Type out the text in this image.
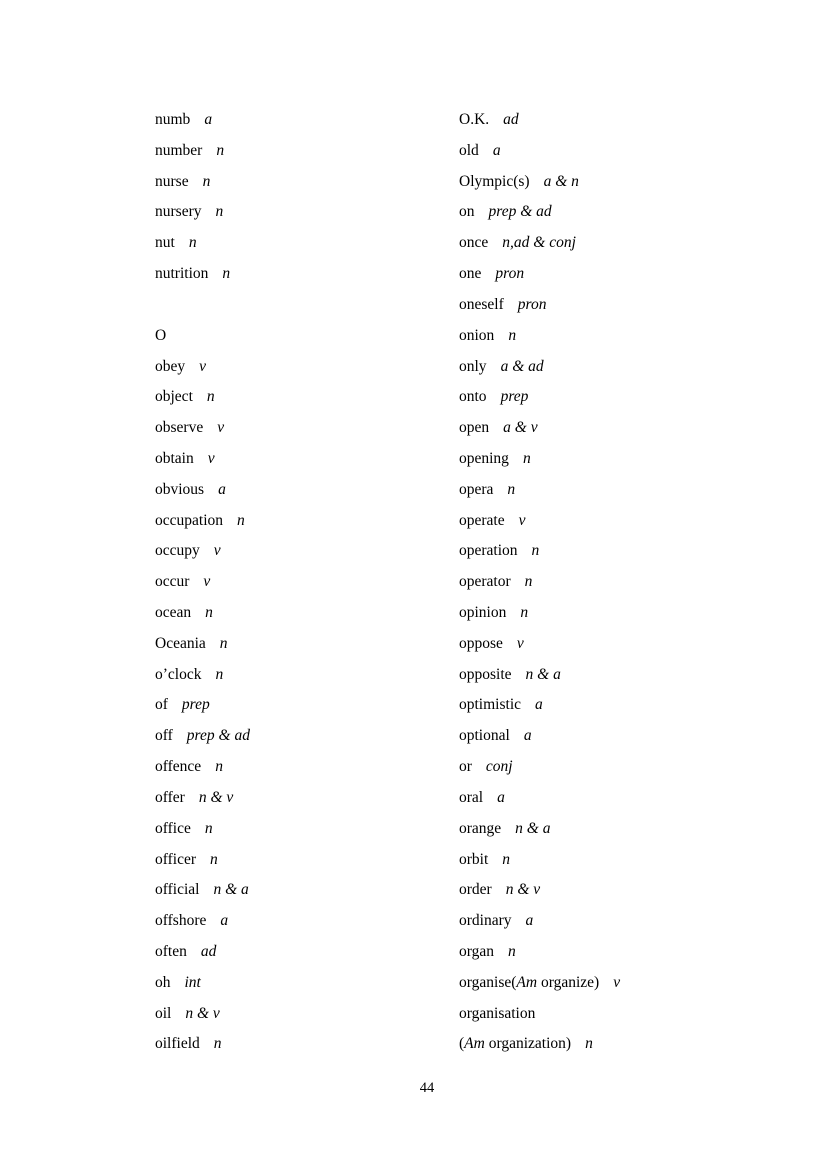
numb a
number n
nurse n
nursery n
nut n
nutrition n
O
obey v
object n
observe v
obtain v
obvious a
occupation n
occupy v
occur v
ocean n
Oceania n
o’clock n
of prep
off prep & ad
offence n
offer n & v
office n
officer n
official n & a
offshore a
often ad
oh int
oil n & v
oilfield n
O.K. ad
old a
Olympic(s) a & n
on prep & ad
once n,ad & conj
one pron
oneself pron
onion n
only a & ad
onto prep
open a & v
opening n
opera n
operate v
operation n
operator n
opinion n
oppose v
opposite n & a
optimistic a
optional a
or conj
oral a
orange n & a
orbit n
order n & v
ordinary a
organ n
organise(Am organize) v
organisation
(Am organization) n
44
